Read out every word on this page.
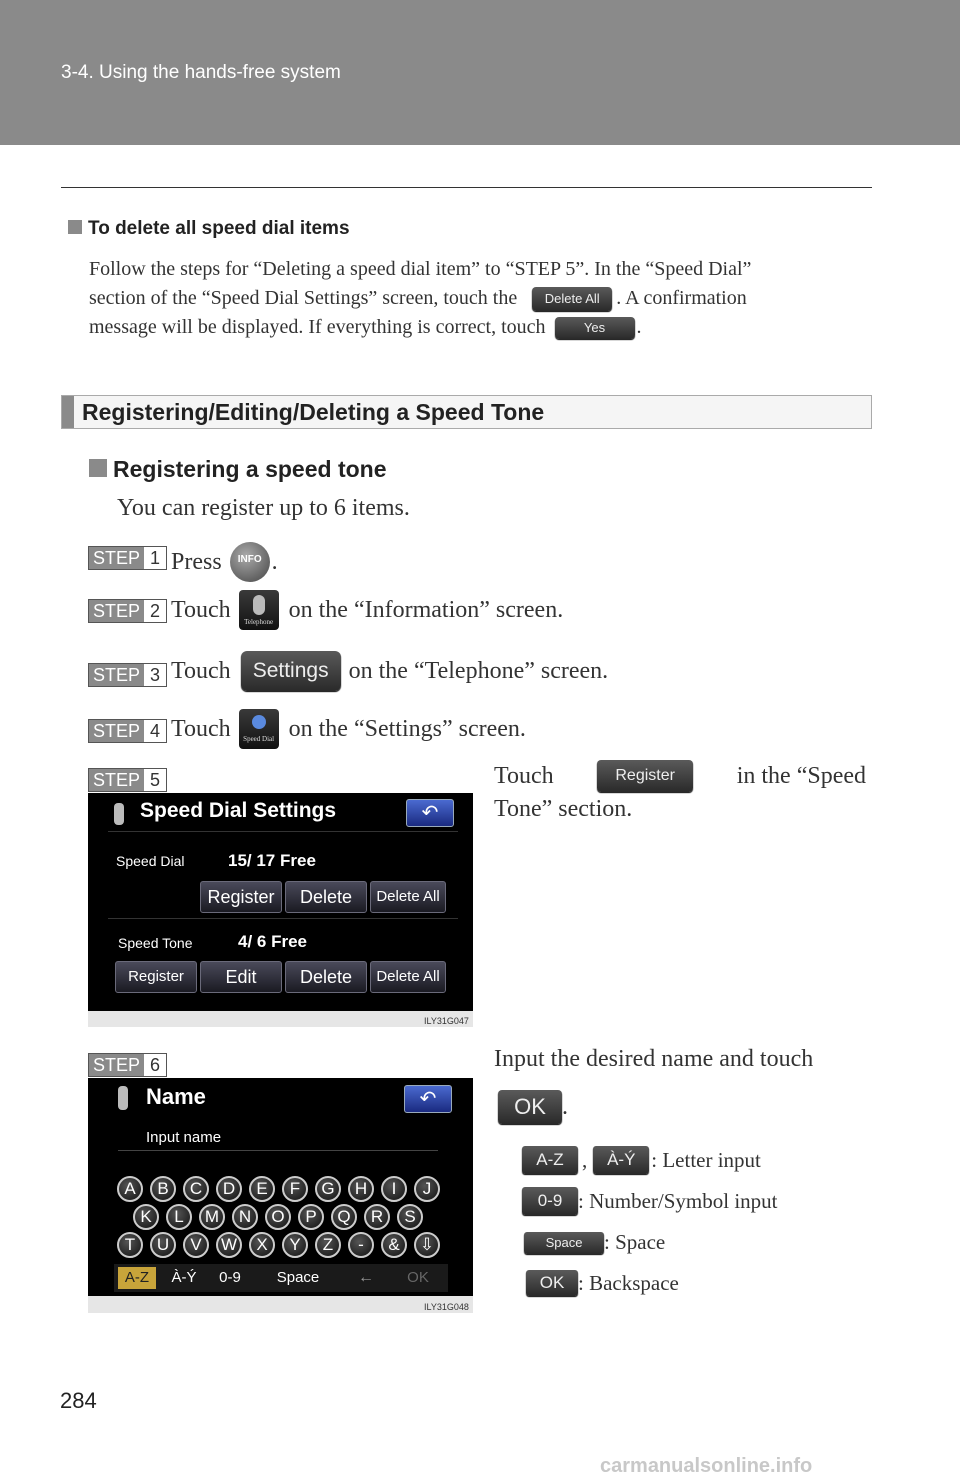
3-4. Using the hands-free system
To delete all speed dial items
Follow the steps for “Deleting a speed dial item” to “STEP 5”. In the “Speed Dial”
section of the “Speed Dial Settings” screen, touch the Delete All . A confirmation
message will be displayed. If everything is correct, touch	Yes .
Registering/Editing/Deleting a Speed Tone
Registering a speed tone
You can register up to 6 items.
STEP 1 Press	INFO .
STEP 2 Touch	Telephone on the “Information” screen.
STEP 3 Touch	Settings on the “Telephone” screen.
STEP 4 Touch	Speed Dial on the “Settings” screen.
STEP 5	Touch	Register	in the “Speed
Tone” section.
Speed Dial Settings	↶
Speed Dial	15/ 17 Free
Register	Delete	Delete All
Speed Tone	4/ 6 Free
Register	Edit	Delete	Delete All
ILY31G047
STEP 6	Input the desired name and touch
OK .
Name	↶
Input name
A	B	C	D	E	F	G	H	I	J
K	L	M	N	O	P	Q	R	S
T	U	V	W	X	Y	Z	-	&	⇩
A-Z	À-Ý	0-9	Space	←	OK
ILY31G048
A-Z ,	À-Ý : Letter input
0-9 : Number/Symbol input
Space	: Space
OK : Backspace
284
carmanualsonline.info
